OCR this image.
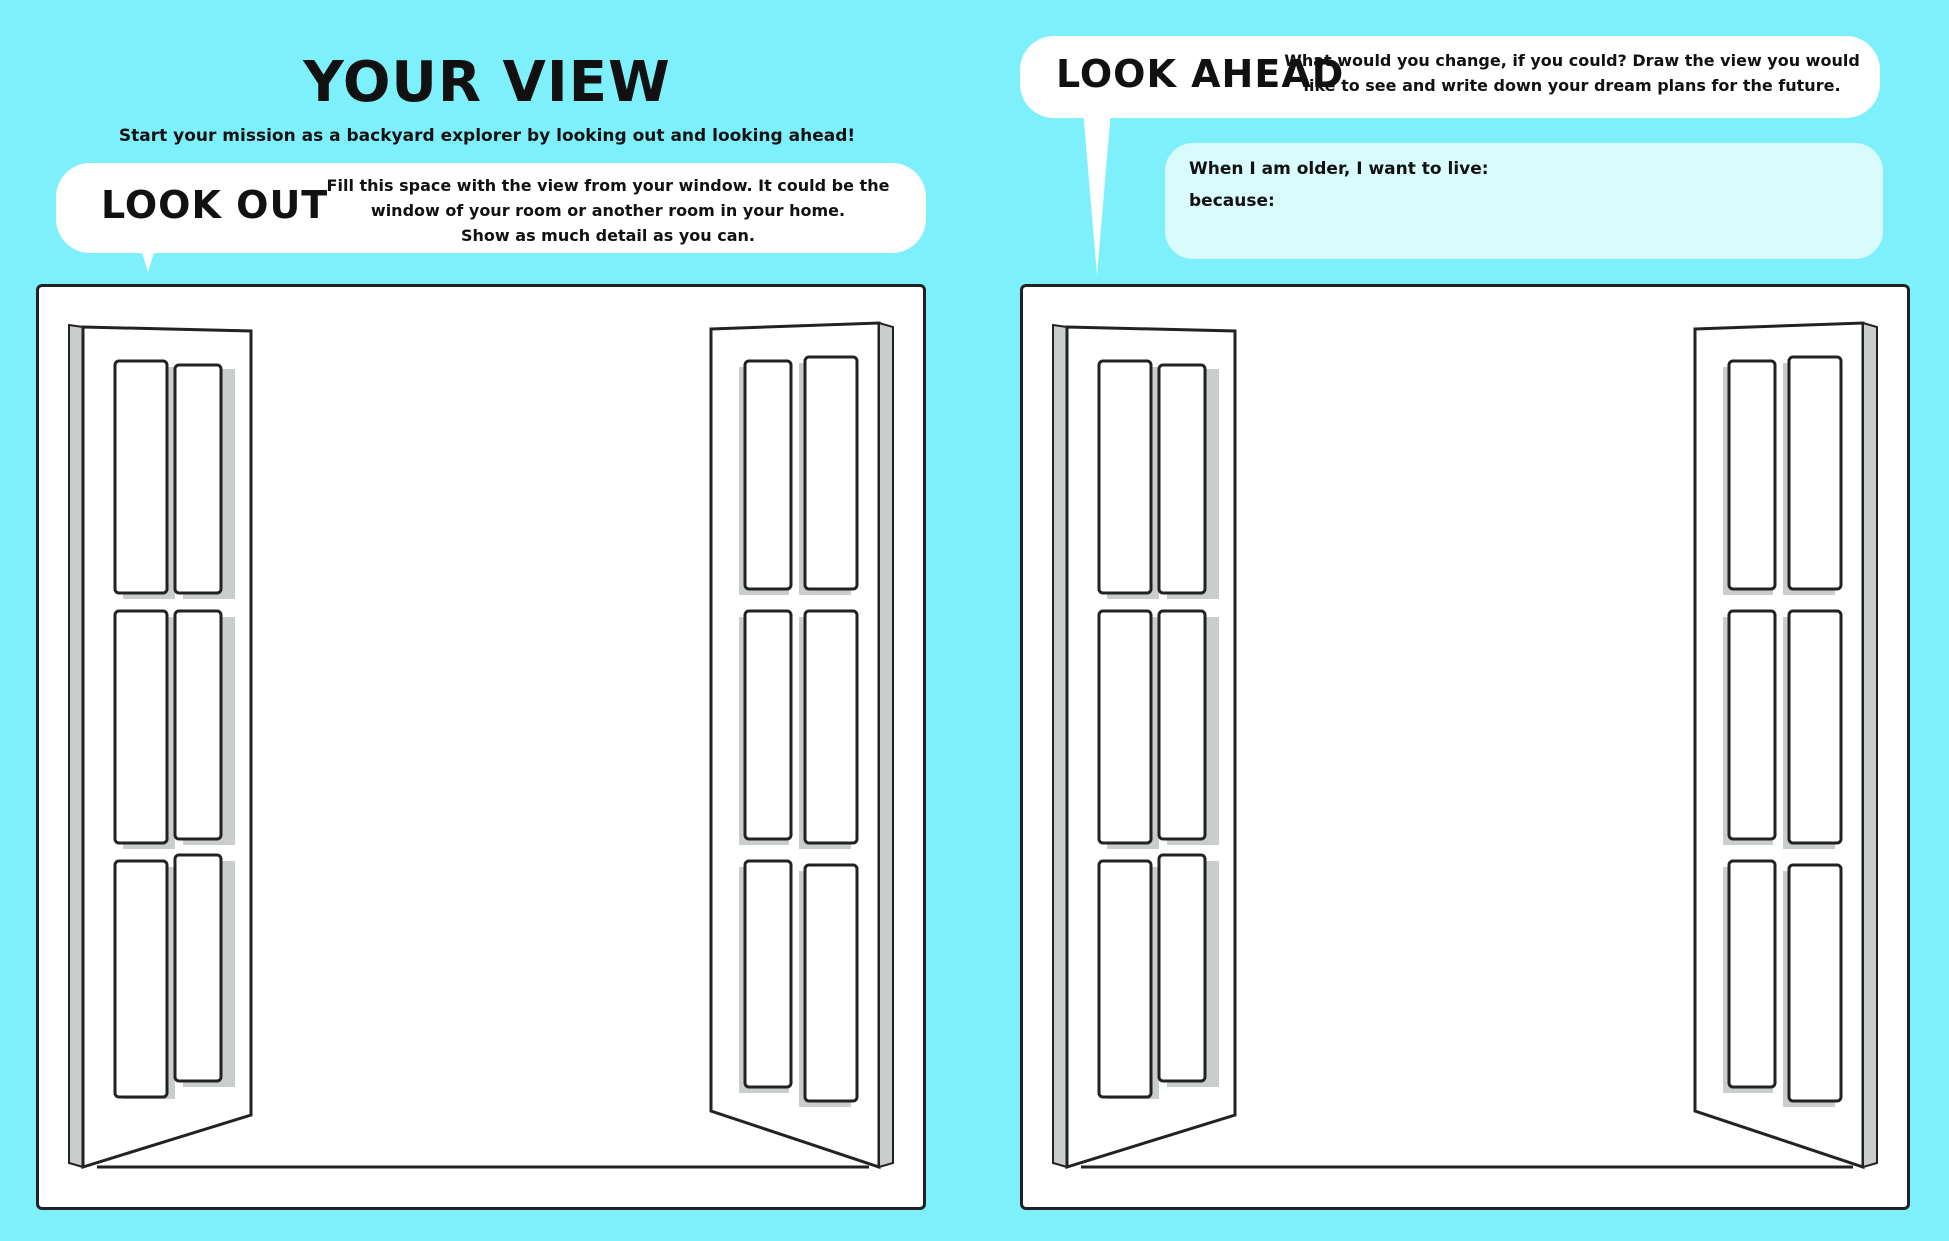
YOUR VIEW

Start your mission as a backyard explorer by looking out and looking ahead!

LOOK OUT
Fill this space with the view from your window. It could be the
window of your room or another room in your home.
Show as much detail as you can.
LOOK AHEAD
What would you change, if you could? Draw the view you would
like to see and write down your dream plans for the future.
When I am older, I want to live:
because:
